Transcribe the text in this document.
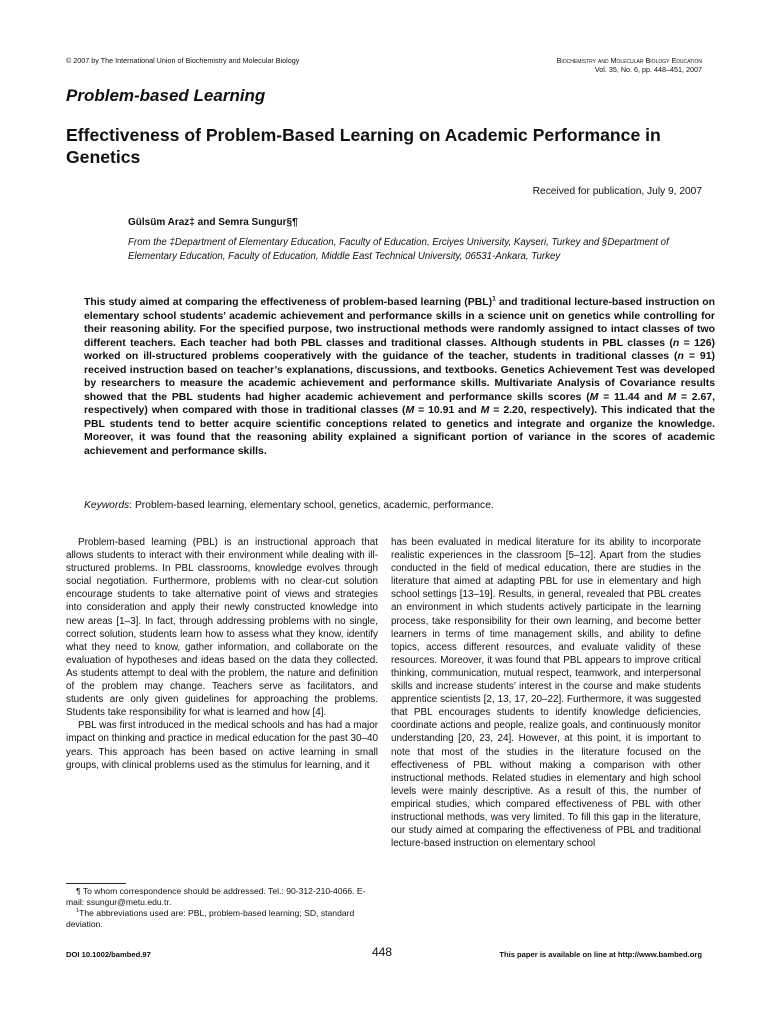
© 2007 by The International Union of Biochemistry and Molecular Biology	Biochemistry and Molecular Biology Education
Vol. 35, No. 6, pp. 448–451, 2007
Problem-based Learning
Effectiveness of Problem-Based Learning on Academic Performance in Genetics
Received for publication, July 9, 2007
Gülsüm Araz‡ and Semra Sungur§¶
From the ‡Department of Elementary Education, Faculty of Education, Erciyes University, Kayseri, Turkey and §Department of Elementary Education, Faculty of Education, Middle East Technical University, 06531-Ankara, Turkey
This study aimed at comparing the effectiveness of problem-based learning (PBL)$^1$ and traditional lecture-based instruction on elementary school students’ academic achievement and performance skills in a science unit on genetics while controlling for their reasoning ability. For the specified purpose, two instructional methods were randomly assigned to intact classes of two different teachers. Each teacher had both PBL classes and traditional classes. Although students in PBL classes (n = 126) worked on ill-structured problems cooperatively with the guidance of the teacher, students in traditional classes (n = 91) received instruction based on teacher’s explanations, discussions, and textbooks. Genetics Achievement Test was developed by researchers to measure the academic achievement and performance skills. Multivariate Analysis of Covariance results showed that the PBL students had higher academic achievement and performance skills scores (M = 11.44 and M = 2.67, respectively) when compared with those in traditional classes (M = 10.91 and M = 2.20, respectively). This indicated that the PBL students tend to better acquire scientific conceptions related to genetics and integrate and organize the knowledge. Moreover, it was found that the reasoning ability explained a significant portion of variance in the scores of academic achievement and performance skills.
Keywords: Problem-based learning, elementary school, genetics, academic, performance.

Problem-based learning (PBL) is an instructional approach that allows students to interact with their environment while dealing with ill-structured problems. In PBL classrooms, knowledge evolves through social negotiation. Furthermore, problems with no clear-cut solution encourage students to take alternative point of views and strategies into consideration and apply their newly constructed knowledge into new areas [1–3]. In fact, through addressing problems with no single, correct solution, students learn how to assess what they know, identify what they need to know, gather information, and collaborate on the evaluation of hypotheses and ideas based on the data they collected. As students attempt to deal with the problem, the nature and definition of the problem may change. Teachers serve as facilitators, and students are only given guidelines for approaching the problems. Students take responsibility for what is learned and how [4].

PBL was first introduced in the medical schools and has had a major impact on thinking and practice in medical education for the past 30–40 years. This approach has been based on active learning in small groups, with clinical problems used as the stimulus for learning, and it

has been evaluated in medical literature for its ability to incorporate realistic experiences in the classroom [5–12]. Apart from the studies conducted in the field of medical education, there are studies in the literature that aimed at adapting PBL for use in elementary and high school settings [13–19]. Results, in general, revealed that PBL creates an environment in which students actively participate in the learning process, take responsibility for their own learning, and become better learners in terms of time management skills, and ability to define topics, access different resources, and evaluate validity of these resources. Moreover, it was found that PBL appears to improve critical thinking, communication, mutual respect, teamwork, and interpersonal skills and increase students’ interest in the course and make students apprentice scientists [2, 13, 17, 20–22]. Furthermore, it was suggested that PBL encourages students to identify knowledge deficiencies, coordinate actions and people, realize goals, and continuously monitor understanding [20, 23, 24]. However, at this point, it is important to note that most of the studies in the literature focused on the effectiveness of PBL without making a comparison with other instructional methods. Related studies in elementary and high school levels were mainly descriptive. As a result of this, the number of empirical studies, which compared effectiveness of PBL with other instructional methods, was very limited. To fill this gap in the literature, our study aimed at comparing the effectiveness of PBL and traditional lecture-based instruction on elementary school

¶ To whom correspondence should be addressed. Tel.: 90-312-210-4066. E-mail: ssungur@metu.edu.tr.

$^1$The abbreviations used are: PBL, problem-based learning; SD, standard deviation.

DOI 10.1002/bambed.97	448	This paper is available on line at http://www.bambed.org
